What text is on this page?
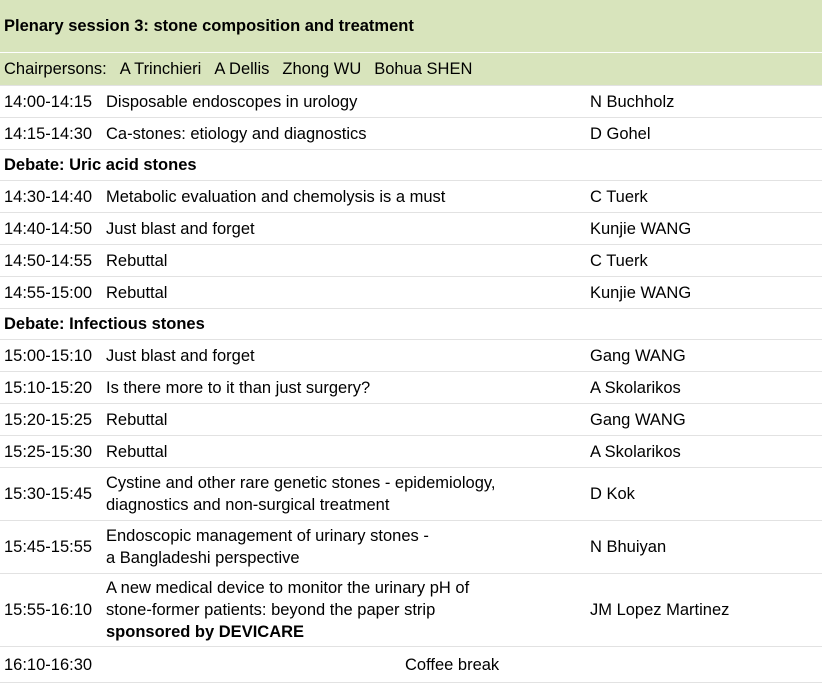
Plenary session 3: stone composition and treatment		
Chairpersons: A Trinchieri A Dellis Zhong WU Bohua SHEN		
14:00-14:15	Disposable endoscopes in urology	N Buchholz
14:15-14:30	Ca-stones: etiology and diagnostics	D Gohel
Debate: Uric acid stones		
14:30-14:40	Metabolic evaluation and chemolysis is a must	C Tuerk
14:40-14:50	Just blast and forget	Kunjie WANG
14:50-14:55	Rebuttal	C Tuerk
14:55-15:00	Rebuttal	Kunjie WANG
Debate: Infectious stones		
15:00-15:10	Just blast and forget	Gang WANG
15:10-15:20	Is there more to it than just surgery?	A Skolarikos
15:20-15:25	Rebuttal	Gang WANG
15:25-15:30	Rebuttal	A Skolarikos
15:30-15:45	Cystine and other rare genetic stones - epidemiology,
diagnostics and non-surgical treatment	D Kok
15:45-15:55	Endoscopic management of urinary stones -
a Bangladeshi perspective	N Bhuiyan
15:55-16:10	A new medical device to monitor the urinary pH of
stone-former patients: beyond the paper strip
sponsored by DEVICARE	JM Lopez Martinez
16:10-16:30	Coffee break	
